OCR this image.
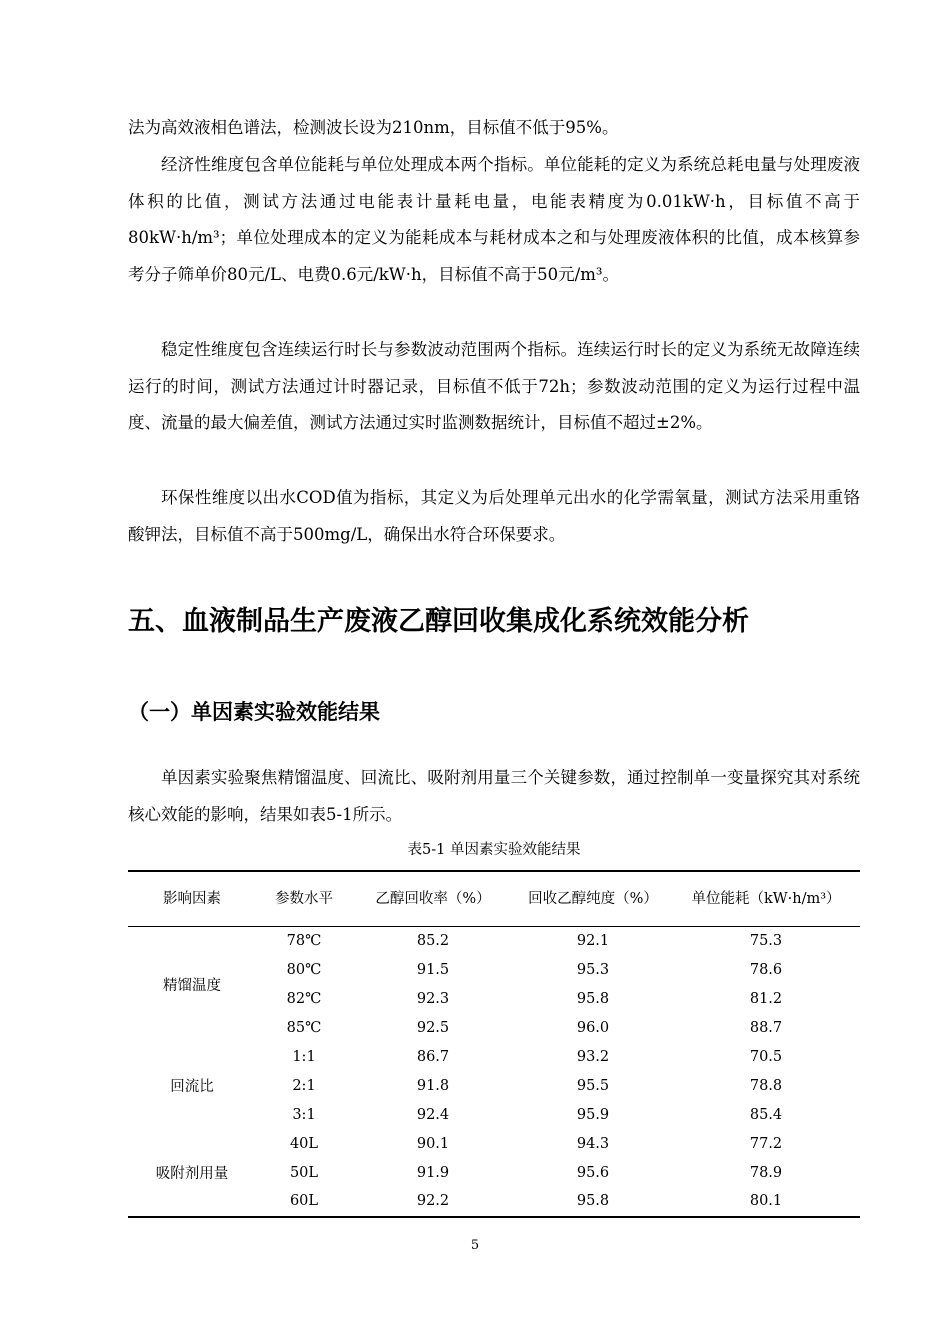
法为高效液相色谱法，检测波长设为210nm，目标值不低于95%。

经济性维度包含单位能耗与单位处理成本两个指标。单位能耗的定义为系统总耗电量与处理废液体积的比值，测试方法通过电能表计量耗电量，电能表精度为0.01kW·h，目标值不高于80kW·h/m³；单位处理成本的定义为能耗成本与耗材成本之和与处理废液体积的比值，成本核算参考分子筛单价80元/L、电费0.6元/kW·h，目标值不高于50元/m³。

稳定性维度包含连续运行时长与参数波动范围两个指标。连续运行时长的定义为系统无故障连续运行的时间，测试方法通过计时器记录，目标值不低于72h；参数波动范围的定义为运行过程中温度、流量的最大偏差值，测试方法通过实时监测数据统计，目标值不超过±2%。

环保性维度以出水COD值为指标，其定义为后处理单元出水的化学需氧量，测试方法采用重铬酸钾法，目标值不高于500mg/L，确保出水符合环保要求。

五、血液制品生产废液乙醇回收集成化系统效能分析
（一）单因素实验效能结果

单因素实验聚焦精馏温度、回流比、吸附剂用量三个关键参数，通过控制单一变量探究其对系统核心效能的影响，结果如表5-1所示。

表5-1 单因素实验效能结果

影响因素	参数水平	乙醇回收率（%）	回收乙醇纯度（%）	单位能耗（kW·h/m³）
精馏温度	78℃	85.2	92.1	75.3
	80℃	91.5	95.3	78.6
	82℃	92.3	95.8	81.2
	85℃	92.5	96.0	88.7
回流比	1:1	86.7	93.2	70.5
	2:1	91.8	95.5	78.8
	3:1	92.4	95.9	85.4
吸附剂用量	40L	90.1	94.3	77.2
	50L	91.9	95.6	78.9
	60L	92.2	95.8	80.1
5
